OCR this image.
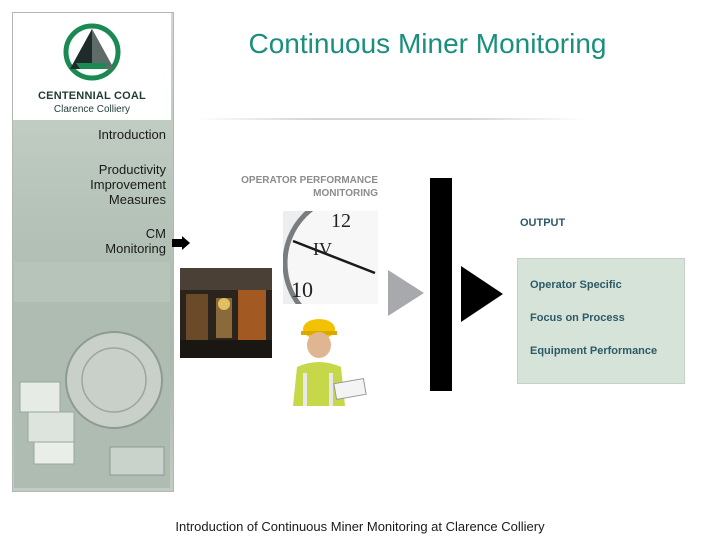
CENTENNIAL COAL
Clarence Colliery
Introduction
Productivity Improvement Measures
CM Monitoring
Continuous Miner Monitoring
OPERATOR PERFORMANCE MONITORING
12
IV
10
OUTPUT
Operator Specific
Focus on Process
Equipment Performance
Introduction of Continuous Miner Monitoring at Clarence Colliery
